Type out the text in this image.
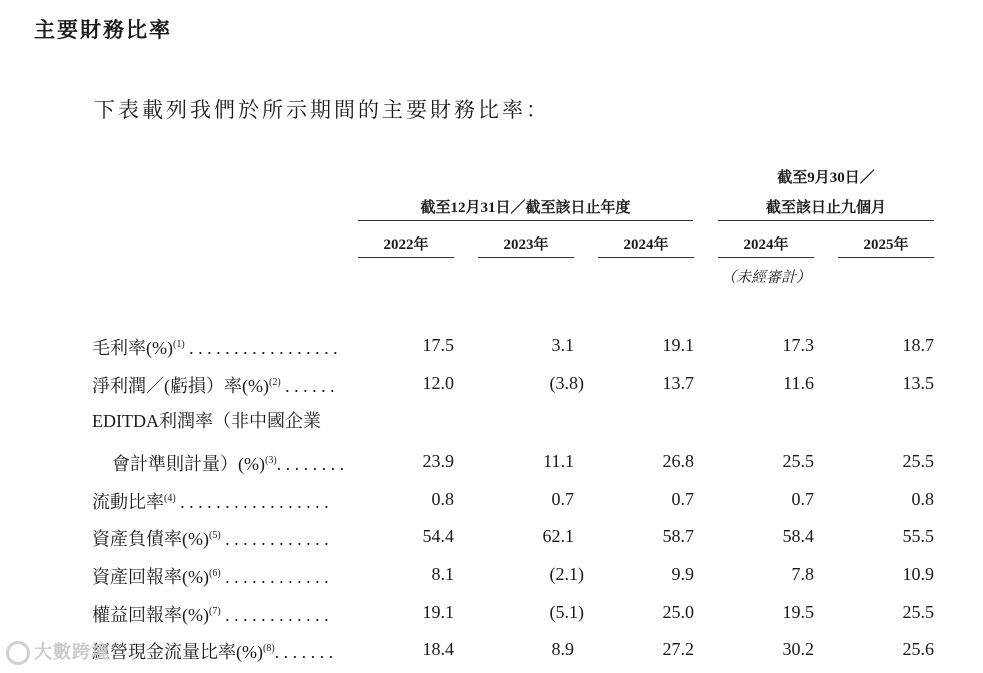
主要財務比率
下表載列我們於所示期間的主要財務比率：
截至12月31日／截至該日止年度
截至9月30日／
截至該日止九個月
2022年	2023年	2024年	2024年	2025年
（未經審計）
毛利率(%)$^{(1)}$ . . . . . . . . . . . . . . . . .	17.5	3.1	19.1	17.3	18.7
淨利潤／(虧損）率(%)$^{(2)}$ . . . . . .	12.0	(3.8)	13.7	11.6	13.5
EDITDA利潤率（非中國企業
會計準則計量）(%)$^{(3)}$. . . . . . . .	23.9	11.1	26.8	25.5	25.5
流動比率$^{(4)}$ . . . . . . . . . . . . . . . . .	0.8	0.7	0.7	0.7	0.8
資產負債率(%)$^{(5)}$ . . . . . . . . . . . .	54.4	62.1	58.7	58.4	55.5
資產回報率(%)$^{(6)}$ . . . . . . . . . . . .	8.1	(2.1)	9.9	7.8	10.9
權益回報率(%)$^{(7)}$ . . . . . . . . . . . .	19.1	(5.1)	25.0	19.5	25.5
經營現金流量比率(%)$^{(8)}$. . . . . . .	18.4	8.9	27.2	30.2	25.6
大數跨境
